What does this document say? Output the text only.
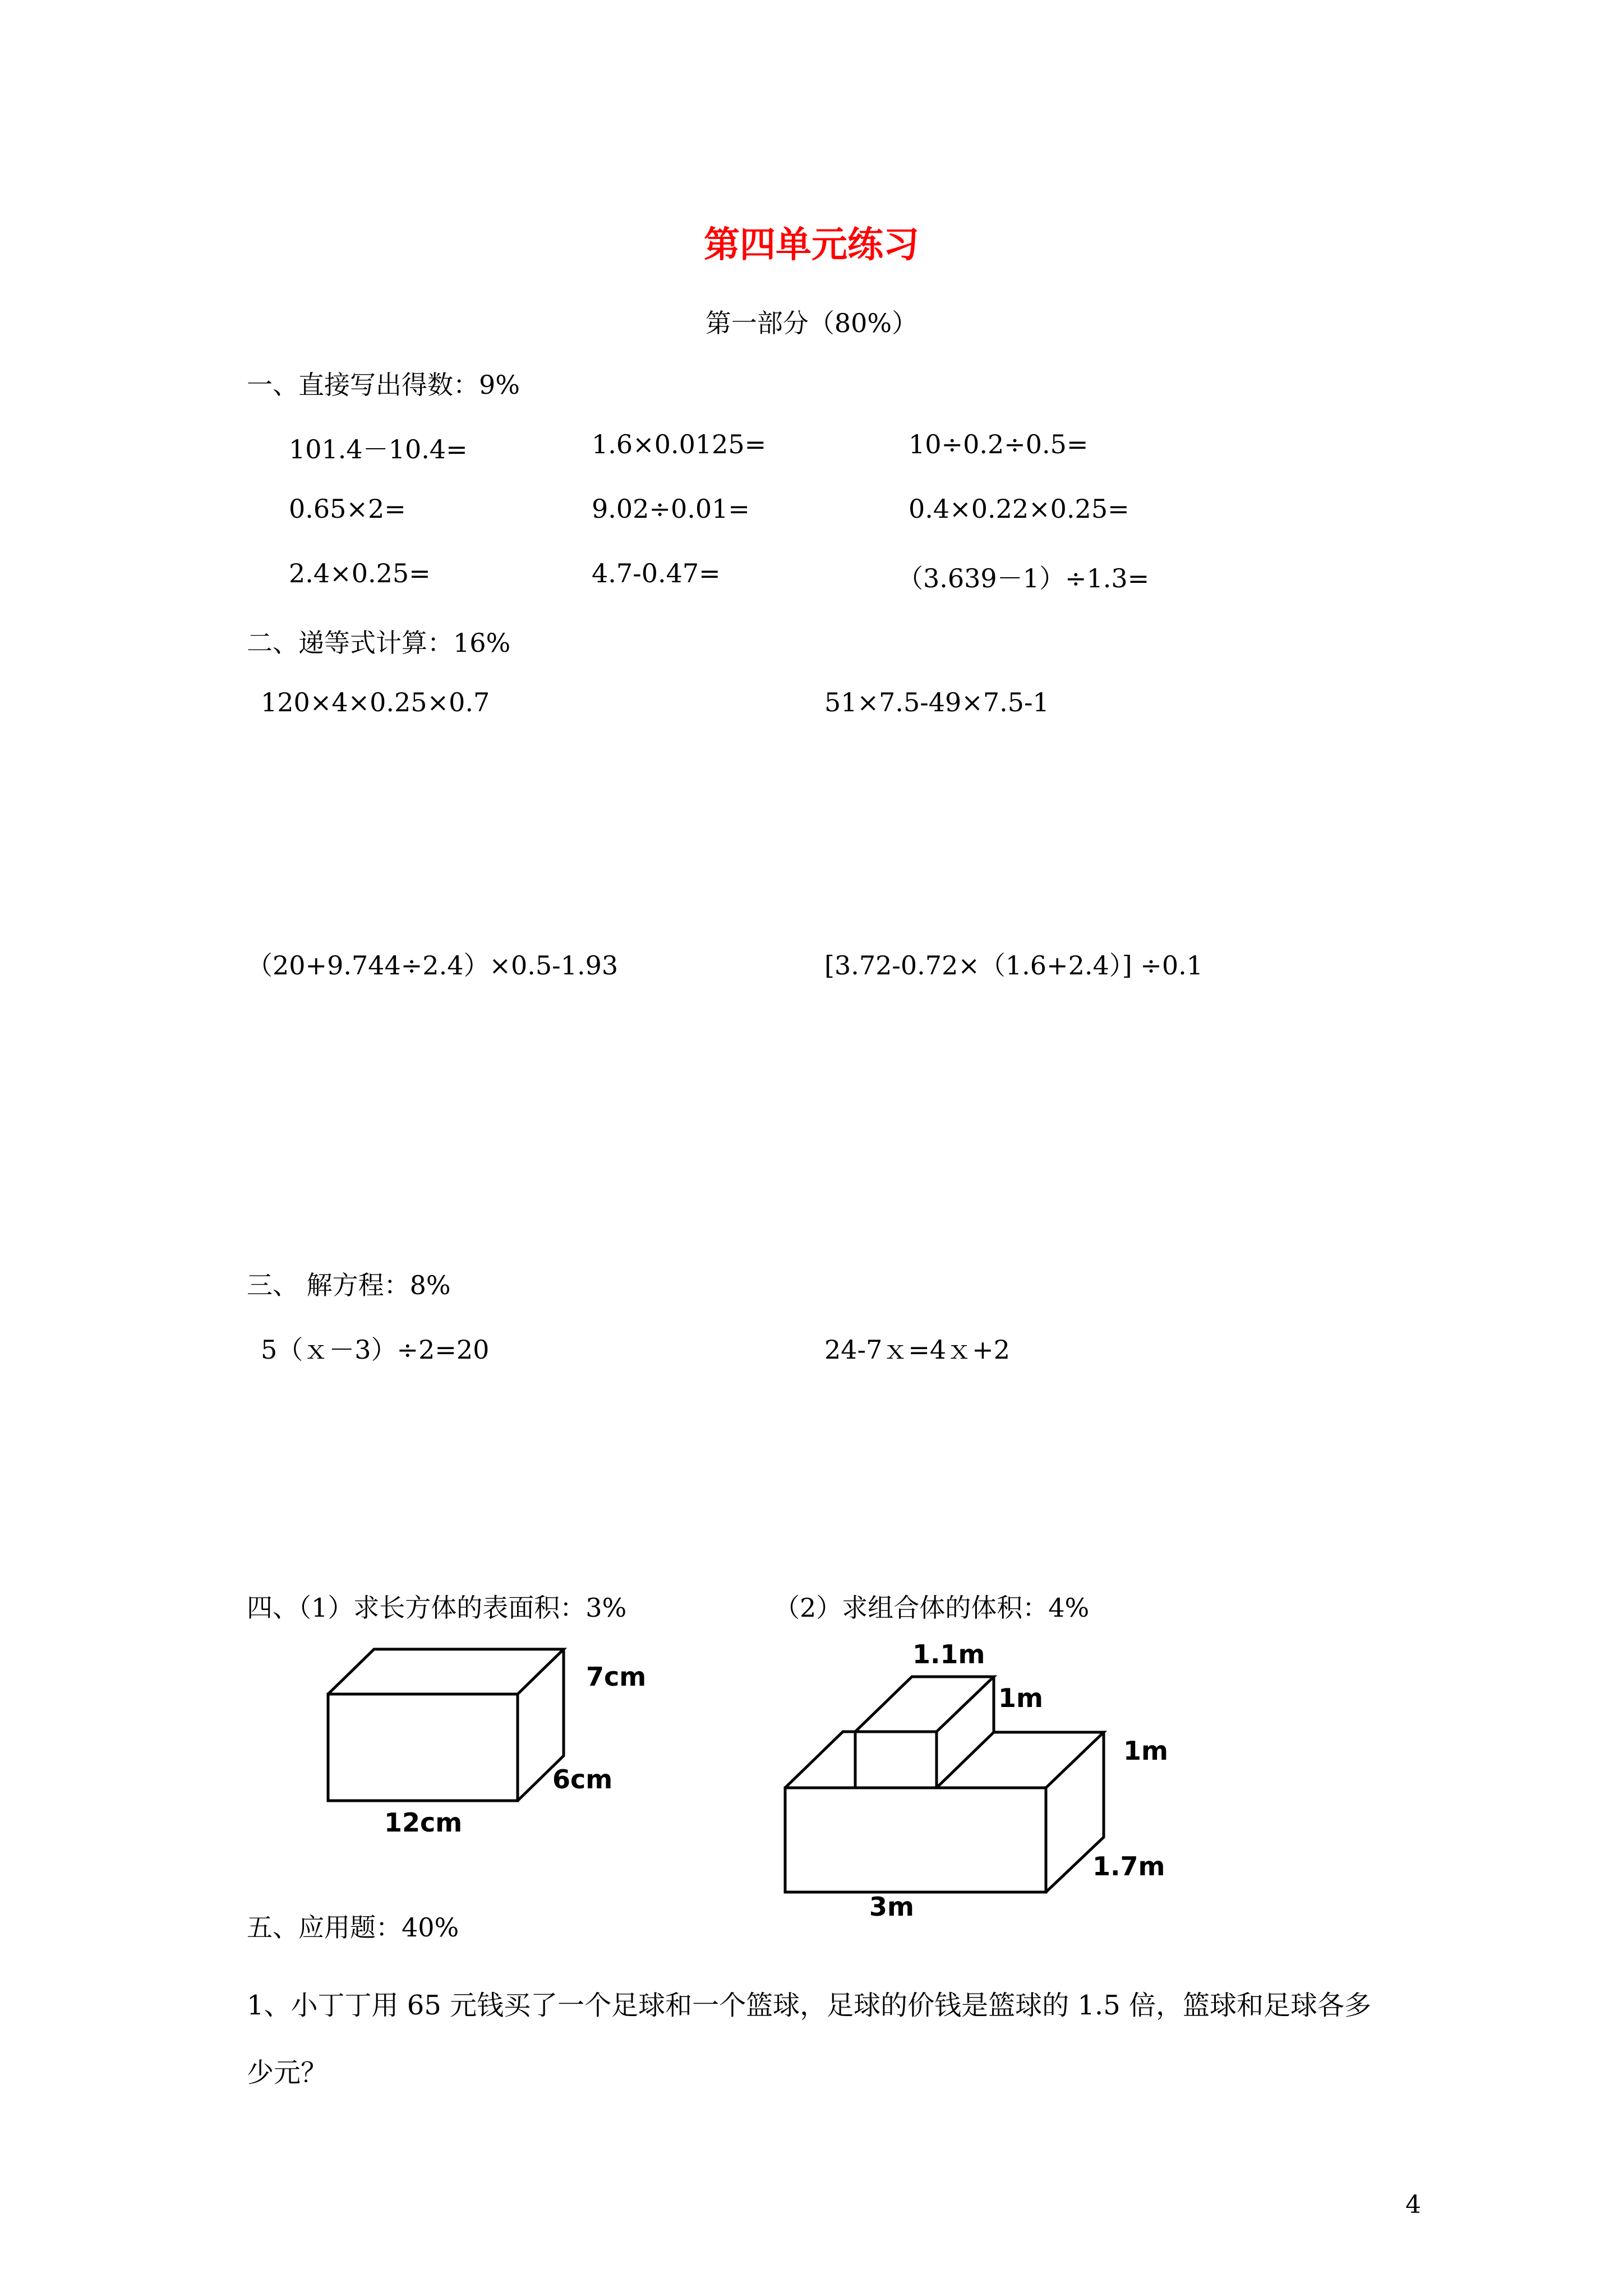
第四单元练习
第一部分（80%）
一、直接写出得数：9%
101.4－10.4=	1.6×0.0125=	10÷0.2÷0.5=
0.65×2=	9.02÷0.01=	0.4×0.22×0.25=
2.4×0.25=	4.7-0.47=	（3.639－1）÷1.3=
二、递等式计算：16%
120×4×0.25×0.7	51×7.5-49×7.5-1
（20+9.744÷2.4）×0.5-1.93	[3.72-0.72×（1.6+2.4）] ÷0.1
三、 解方程：8%
5（ｘ－3）÷2=20	24-7ｘ=4ｘ+2
四、（1）求长方体的表面积：3%	（2）求组合体的体积：4%
7cm
6cm
12cm
1.1m
1m
1m
1.7m
3m
五、应用题：40%
1、小丁丁用 65 元钱买了一个足球和一个篮球，足球的价钱是篮球的 1.5 倍，篮球和足球各多少元？
4
